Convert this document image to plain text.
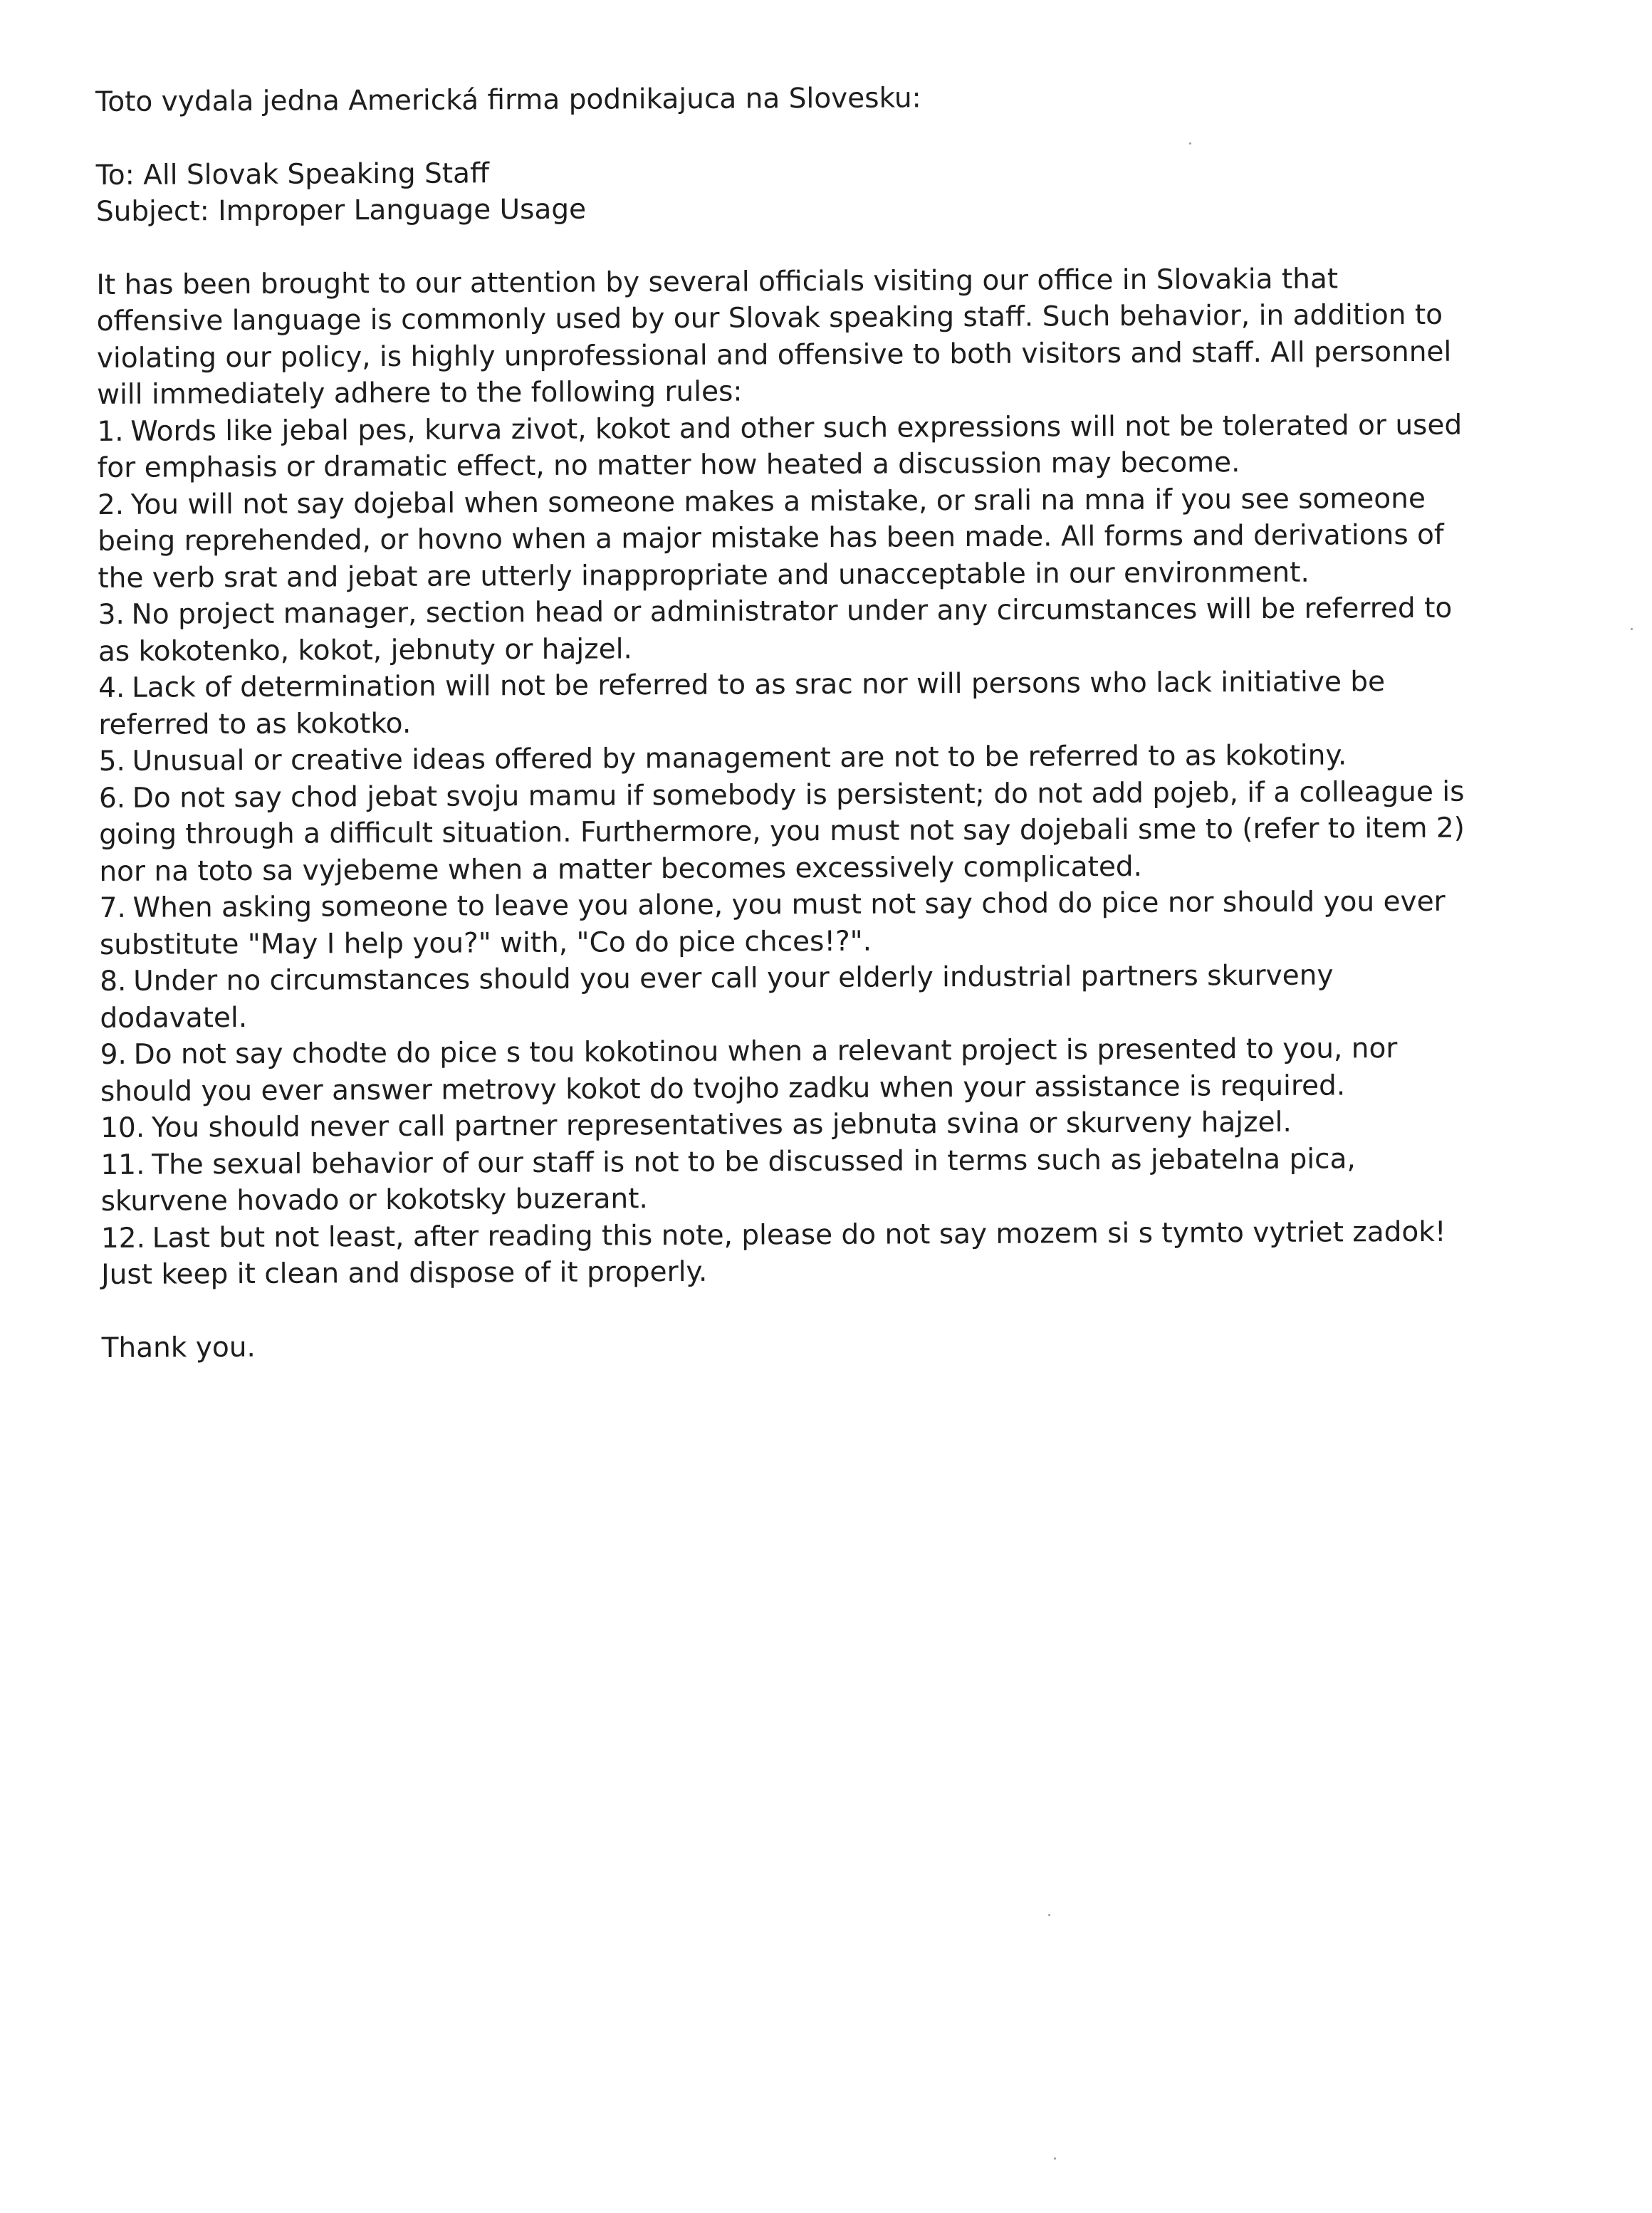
Toto vydala jedna Americká firma podnikajuca na Slovesku:

To: All Slovak Speaking Staff

Subject: Improper Language Usage

It has been brought to our attention by several officials visiting our office in Slovakia that offensive language is commonly used by our Slovak speaking staff. Such behavior, in addition to violating our policy, is highly unprofessional and offensive to both visitors and staff. All personnel will immediately adhere to the following rules:

1. Words like jebal pes, kurva zivot, kokot and other such expressions will not be tolerated or used for emphasis or dramatic effect, no matter how heated a discussion may become.

2. You will not say dojebal when someone makes a mistake, or srali na mna if you see someone being reprehended, or hovno when a major mistake has been made. All forms and derivations of the verb srat and jebat are utterly inappropriate and unacceptable in our environment.

3. No project manager, section head or administrator under any circumstances will be referred to as kokotenko, kokot, jebnuty or hajzel.

4. Lack of determination will not be referred to as srac nor will persons who lack initiative be referred to as kokotko.

5. Unusual or creative ideas offered by management are not to be referred to as kokotiny.

6. Do not say chod jebat svoju mamu if somebody is persistent; do not add pojeb, if a colleague is going through a difficult situation. Furthermore, you must not say dojebali sme to (refer to item 2) nor na toto sa vyjebeme when a matter becomes excessively complicated.

7. When asking someone to leave you alone, you must not say chod do pice nor should you ever substitute "May I help you?" with, "Co do pice chces!?".

8. Under no circumstances should you ever call your elderly industrial partners skurveny dodavatel.

9. Do not say chodte do pice s tou kokotinou when a relevant project is presented to you, nor should you ever answer metrovy kokot do tvojho zadku when your assistance is required.

10. You should never call partner representatives as jebnuta svina or skurveny hajzel.

11. The sexual behavior of our staff is not to be discussed in terms such as jebatelna pica, skurvene hovado or kokotsky buzerant.

12. Last but not least, after reading this note, please do not say mozem si s tymto vytriet zadok! Just keep it clean and dispose of it properly.

Thank you.
